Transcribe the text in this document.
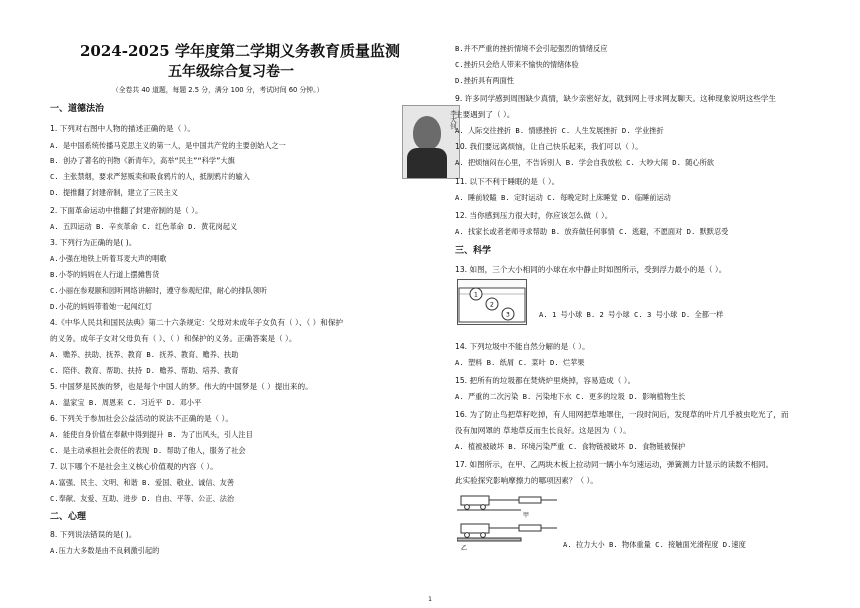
2024-2025 学年度第二学期义务教育质量监测
五年级综合复习卷一
（全卷共 40 道题，每题 2.5 分，满分 100 分，考试时间 60 分钟。）
一、道德法治
1. 下列对右图中人物的描述正确的是（ ）。
A. 是中国系统传播马克思主义的第一人，是中国共产党的主要创始人之一
B. 创办了著名的刊物《新青年》，高举“民主”“科学”大旗
C. 主张禁烟，要求严惩贩卖和吸食鸦片的人，抵制鸦片的输入
D. 提推翻了封建帝制，建立了三民主义
李大钊
2. 下面革命运动中推翻了封建帝制的是（ ）。
A. 五四运动 B. 辛亥革命 C. 红色革命 D. 黄花岗起义
3. 下列行为正确的是( )。
A.小强在地铁上听着耳麦大声的唱歌
B.小苓的妈妈在人行道上摆摊售货
C.小丽在参观颐和园听网络讲解时，遵守参观纪律，耐心的排队领听
D.小花的妈妈带着她一起闯红灯
4.《中华人民共和国民法典》第二十六条规定：父母对未成年子女负有（ ）、（ ）和保护
的义务。成年子女对父母负有（ ）、（ ）和保护的义务。正确答案是（ ）。
A. 赡养、扶助、抚养、教育 B. 抚养、教育、赡养、扶助
C. 陪伴、教育、帮助、扶持 D. 赡养、帮助、培养、教育
5. 中国梦是民族的梦，也是每个中国人的梦。伟大的中国梦是（ ）提出来的。
A. 温家宝 B. 周恩来 C. 习近平 D. 邓小平
6. 下列关于参加社会公益活动的说法不正确的是（ ）。
A. 能使自身价值在奉献中得到提升 B. 为了出风头，引人注目
C. 是主动承担社会责任的表现 D. 帮助了他人，服务了社会
7. 以下哪个不是社会主义核心价值观的内容（ ）。
A.富强、民主、文明、和谐 B. 爱国、敬业、诚信、友善
C.奉献、友爱、互助、进步 D. 自由、平等、公正、法治
二、心理
8. 下列说法错误的是( )。
A.压力大多数是由不良刺激引起的
B.并不严重的挫折情境不会引起强烈的情绪反应
C.挫折只会给人带来不愉快的情绪体验
D.挫折具有两面性
9. 许多同学感到周围缺少真情，缺少亲密好友，就到网上寻求网友聊天。这种现象说明这些学生
主要遇到了（ ）。
A. 人际交往挫折 B. 情感挫折 C. 人生发展挫折 D. 学业挫折
10. 我们要远离烦恼，让自己快乐起来，我们可以（ ）。
A. 把烦恼闷在心里，不告诉别人 B. 学会自我放松 C. 大吵大闹 D. 随心所欲
11. 以下不利于睡眠的是（ ）。
A. 睡前较瞌 B. 定时运动 C. 每晚定时上床睡觉 D. 临睡前运动
12. 当你感到压力很大时，你应该怎么做（ ）。
A. 找家长或者老师寻求帮助 B. 放弃做任何事情 C. 逃避，不愿面对 D. 默默忍受
三、科学
13. 如图，三个大小相同的小球在水中静止时如图所示，受到浮力最小的是（ ）。
1
2
3	A. 1 号小球 B. 2 号小球 C. 3 号小球 D. 全都一样
14. 下列垃圾中不能自然分解的是（ ）。
A. 塑料 B. 纸屑 C. 菜叶 D. 烂苹果
15. 把所有的垃圾都在焚烧炉里烧掉，容易造成（ ）。
A. 严重的二次污染 B. 污染地下水 C. 更多的垃圾 D. 影响植物生长
16. 为了防止鸟把草籽吃掉，有人用网把草地罩住，一段时间后，发现草的叶片几乎被虫吃光了，而
没有加网罩的 草地草反而生长良好。这是因为（ ）。
A. 植被被破坏 B. 环境污染严重 C. 食物链被破坏 D. 食物链被保护
17. 如图所示，在甲、乙两块木板上拉动同一辆小车匀速运动，弹簧测力计显示的读数不相同。
此实验探究影响摩擦力的哪项因素？（ ）。
甲
乙	A. 拉力大小 B. 物体重量 C. 接触面光滑程度 D.速度
1
